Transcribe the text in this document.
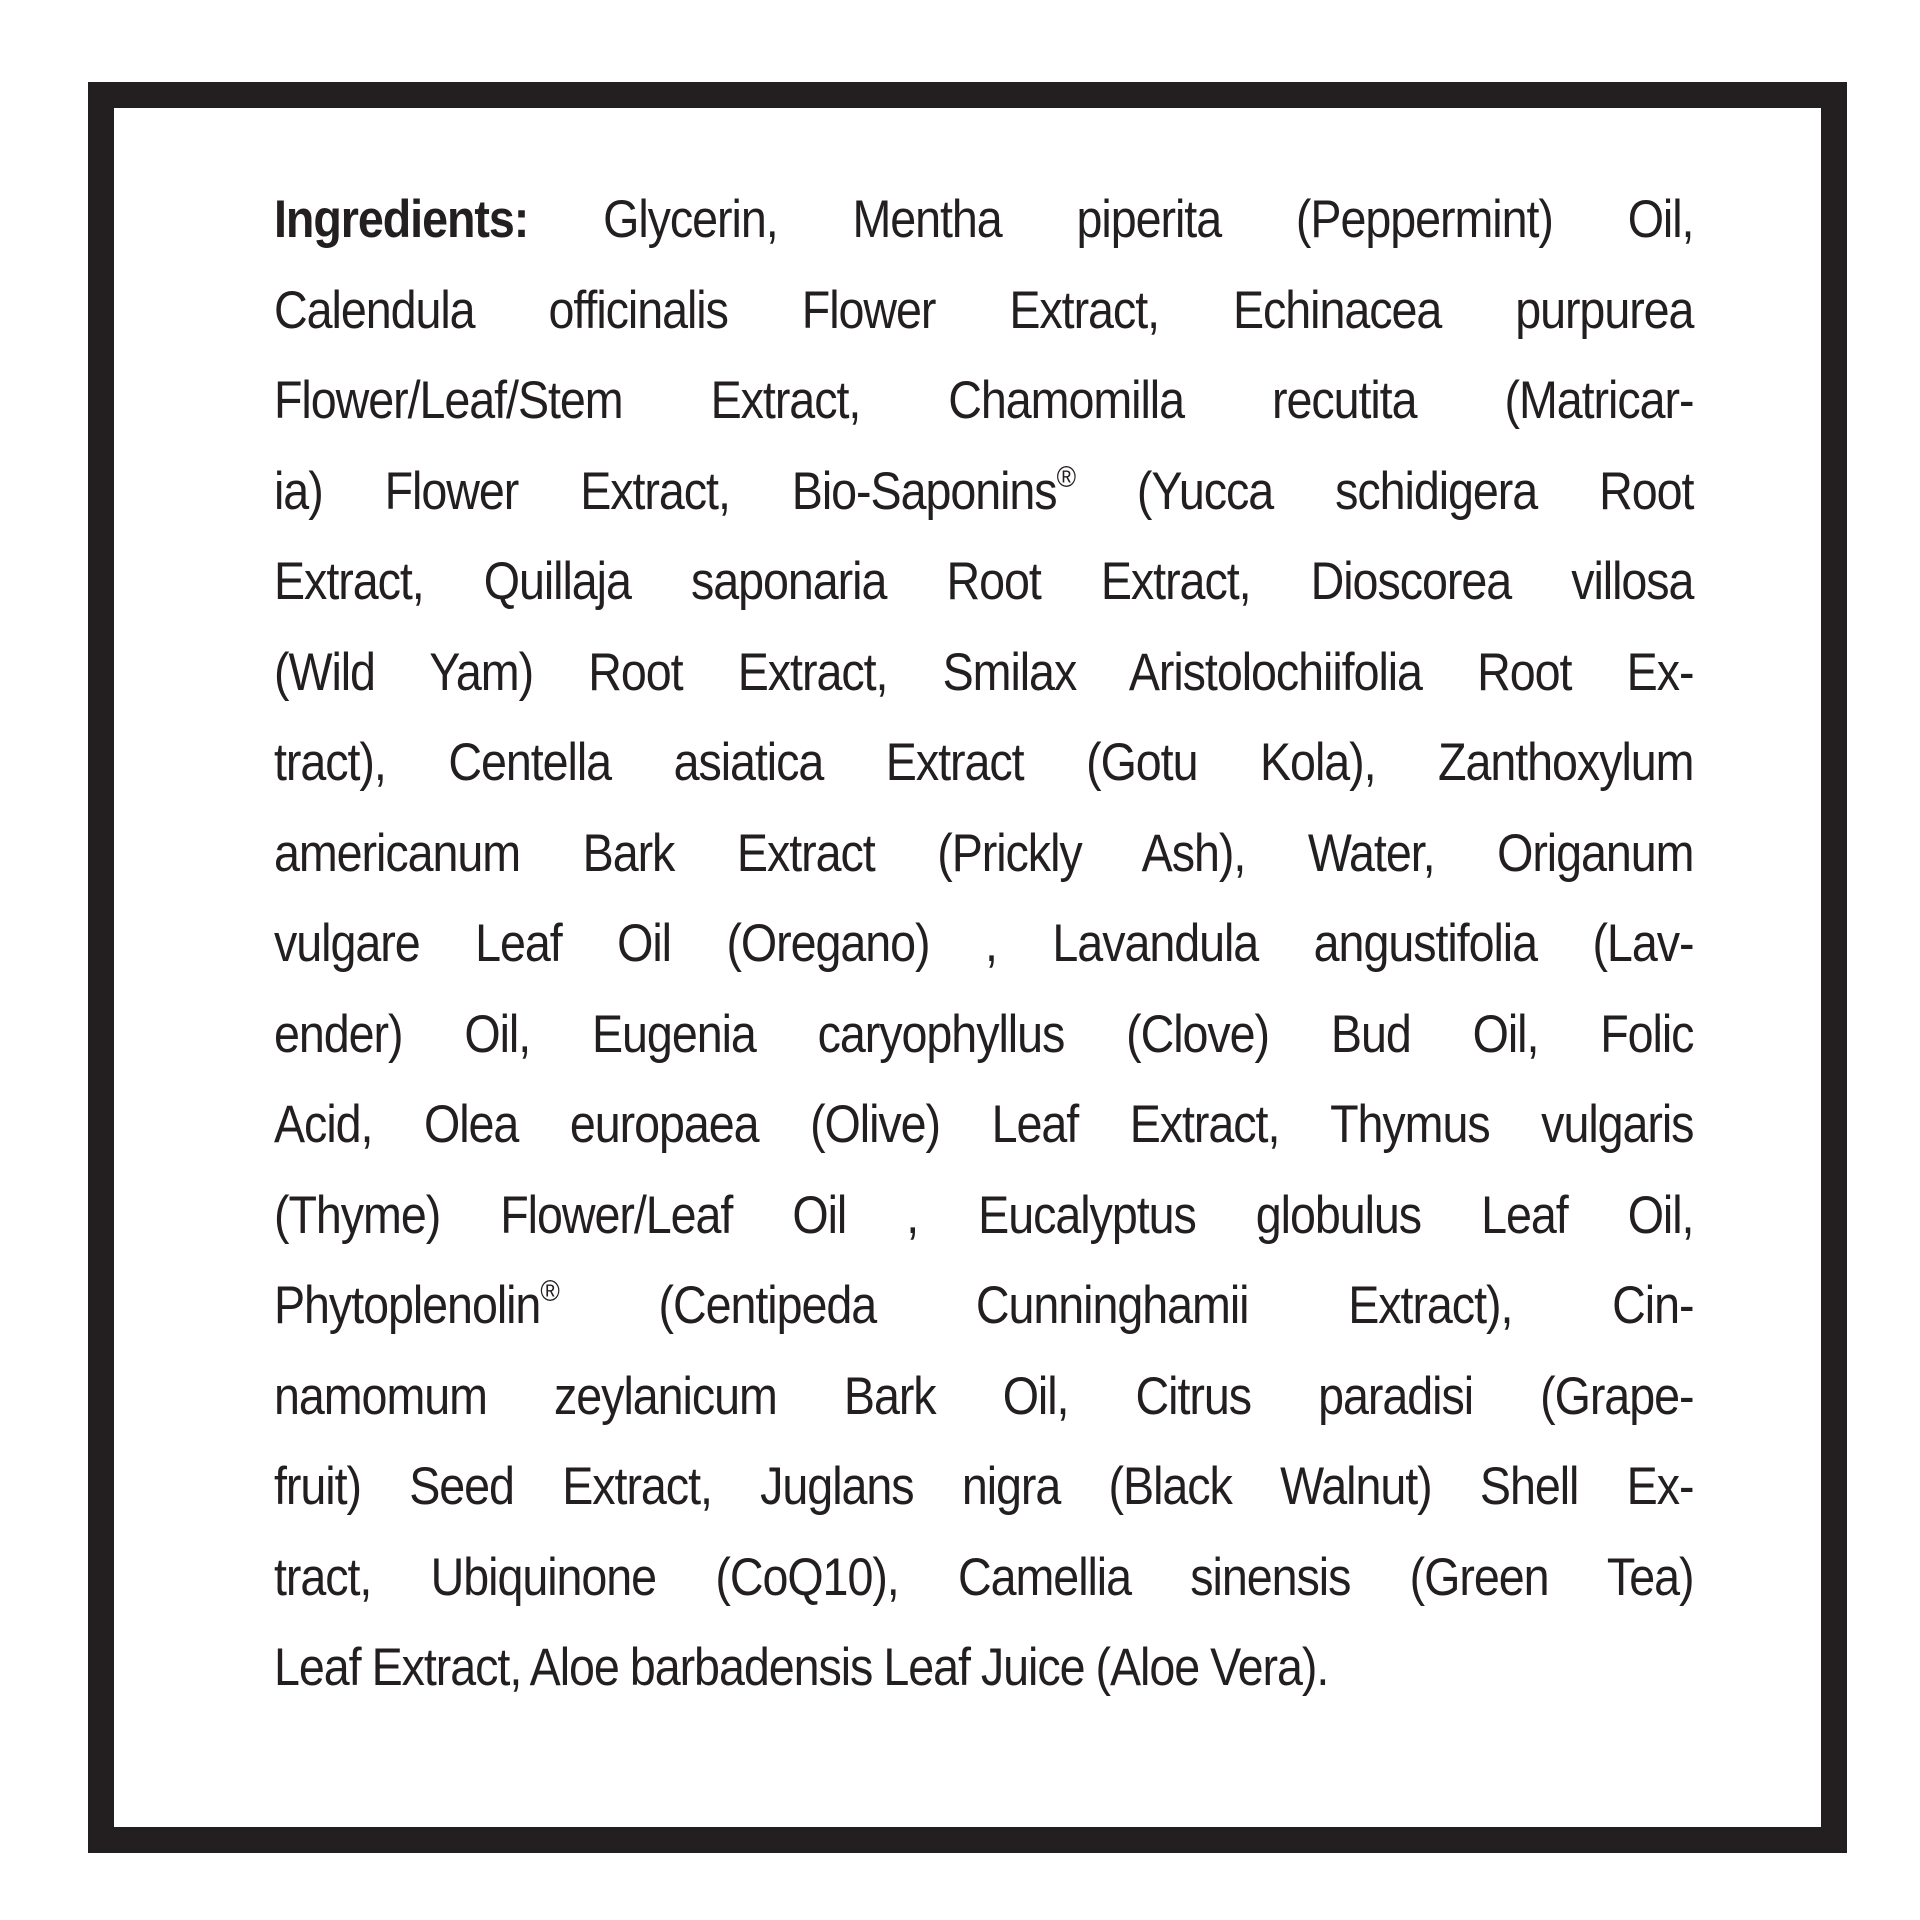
Ingredients: Glycerin, Mentha piperita (Peppermint) Oil,
Calendula officinalis Flower Extract, Echinacea purpurea
Flower/Leaf/Stem Extract, Chamomilla recutita (Matricar-
ia) Flower Extract, Bio-Saponins® (Yucca schidigera Root
Extract, Quillaja saponaria Root Extract, Dioscorea villosa
(Wild Yam) Root Extract, Smilax Aristolochiifolia Root Ex-
tract), Centella asiatica Extract (Gotu Kola), Zanthoxylum
americanum Bark Extract (Prickly Ash), Water, Origanum
vulgare Leaf Oil (Oregano) , Lavandula angustifolia (Lav-
ender) Oil, Eugenia caryophyllus (Clove) Bud Oil, Folic
Acid, Olea europaea (Olive) Leaf Extract, Thymus vulgaris
(Thyme) Flower/Leaf Oil , Eucalyptus globulus Leaf Oil,
Phytoplenolin® (Centipeda Cunninghamii Extract), Cin-
namomum zeylanicum Bark Oil, Citrus paradisi (Grape-
fruit) Seed Extract, Juglans nigra (Black Walnut) Shell Ex-
tract, Ubiquinone (CoQ10), Camellia sinensis (Green Tea)
Leaf Extract, Aloe barbadensis Leaf Juice (Aloe Vera).
